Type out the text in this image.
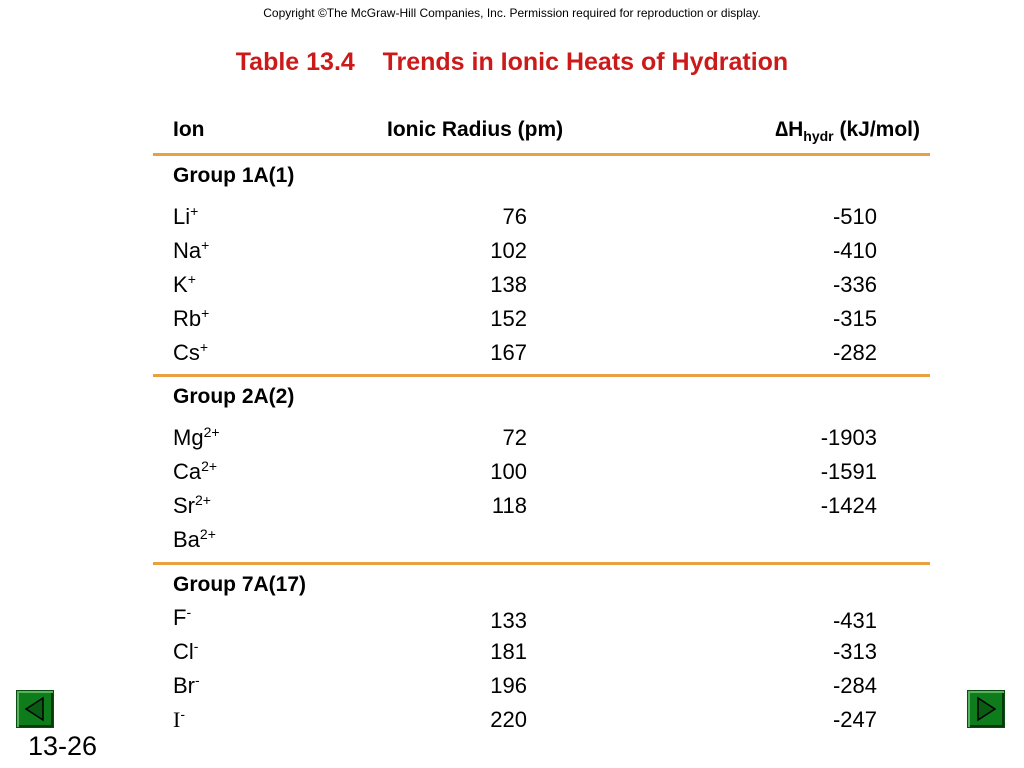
Copyright ©The McGraw-Hill Companies, Inc. Permission required for reproduction or display.
Table 13.4    Trends in Ionic Heats of Hydration
Ion	Ionic Radius (pm)	$\Delta H_{hydr}$ (kJ/mol)
Group 1A(1)
Li+	76	-510
Na+	102	-410
K+	138	-336
Rb+	152	-315
Cs+	167	-282
Group 2A(2)
$Mg^{2+}$	72	-1903
$Ca^{2+}$	100	-1591
$Sr^{2+}$	118	-1424
$Ba^{2+}$
Group 7A(17)
F-	133	-431
Cl-	181	-313
Br-	196	-284
I-	220	-247
13-26
